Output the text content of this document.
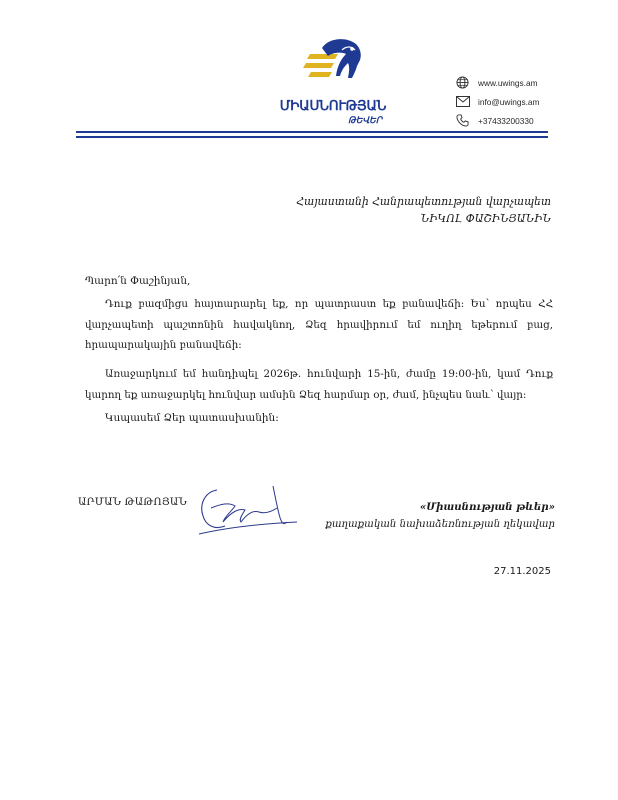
ՄԻԱՍՆՈՒԹՅԱՆ
ԹԵՎԵՐ
www.uwings.am
info@uwings.am
+37433200330
Հայաստանի Հանրապետության վարչապետ
ՆԻԿՈԼ ՓԱՇԻՆՅԱՆԻՆ
Պարո՛ն Փաշինյան,
Դուք բազմիցս հայտարարել եք, որ պատրաստ եք բանավեճի: Ես՝ որպես ՀՀ վարչապետի պաշտոնին հավակնող, Ձեզ հրավիրում եմ ուղիղ եթերում բաց, հրապարակային բանավեճի:
Առաջարկում եմ հանդիպել 2026թ. հունվարի 15-ին, ժամը 19:00-ին, կամ Դուք կարող եք առաջարկել հունվար ամսին Ձեզ հարմար օր, ժամ, ինչպես նաև՝ վայր:
Կսպասեմ Ձեր պատասխանին:
ԱՐՄԱՆ ԹԱԹՈՅԱՆ	«Միասնության թևեր»
քաղաքական նախաձեռնության ղեկավար
27.11.2025
